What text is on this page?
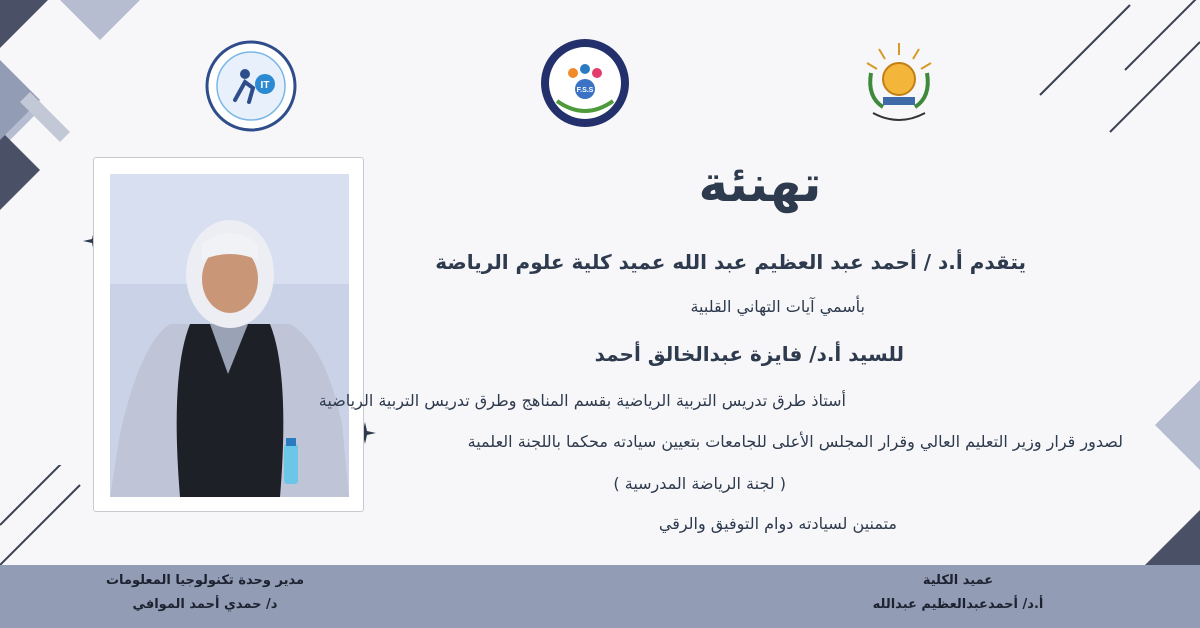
IT	F.S.S
تهنئة
يتقدم أ.د / أحمد عبد العظيم عبد الله عميد كلية علوم الرياضة
بأسمي آيات التهاني القلبية
للسيد أ.د/ فايزة عبدالخالق أحمد
أستاذ طرق تدريس التربية الرياضية بقسم المناهج وطرق تدريس التربية الرياضية
لصدور قرار وزير التعليم العالي وقرار المجلس الأعلى للجامعات بتعيين سيادته محكما باللجنة العلمية
( لجنة الرياضة المدرسية )
متمنين لسيادته دوام التوفيق والرقي
عميد الكلية
أ.د/ أحمدعبدالعظيم عبدالله
مدير وحدة تكنولوجيا المعلومات
د/ حمدي أحمد الموافي
